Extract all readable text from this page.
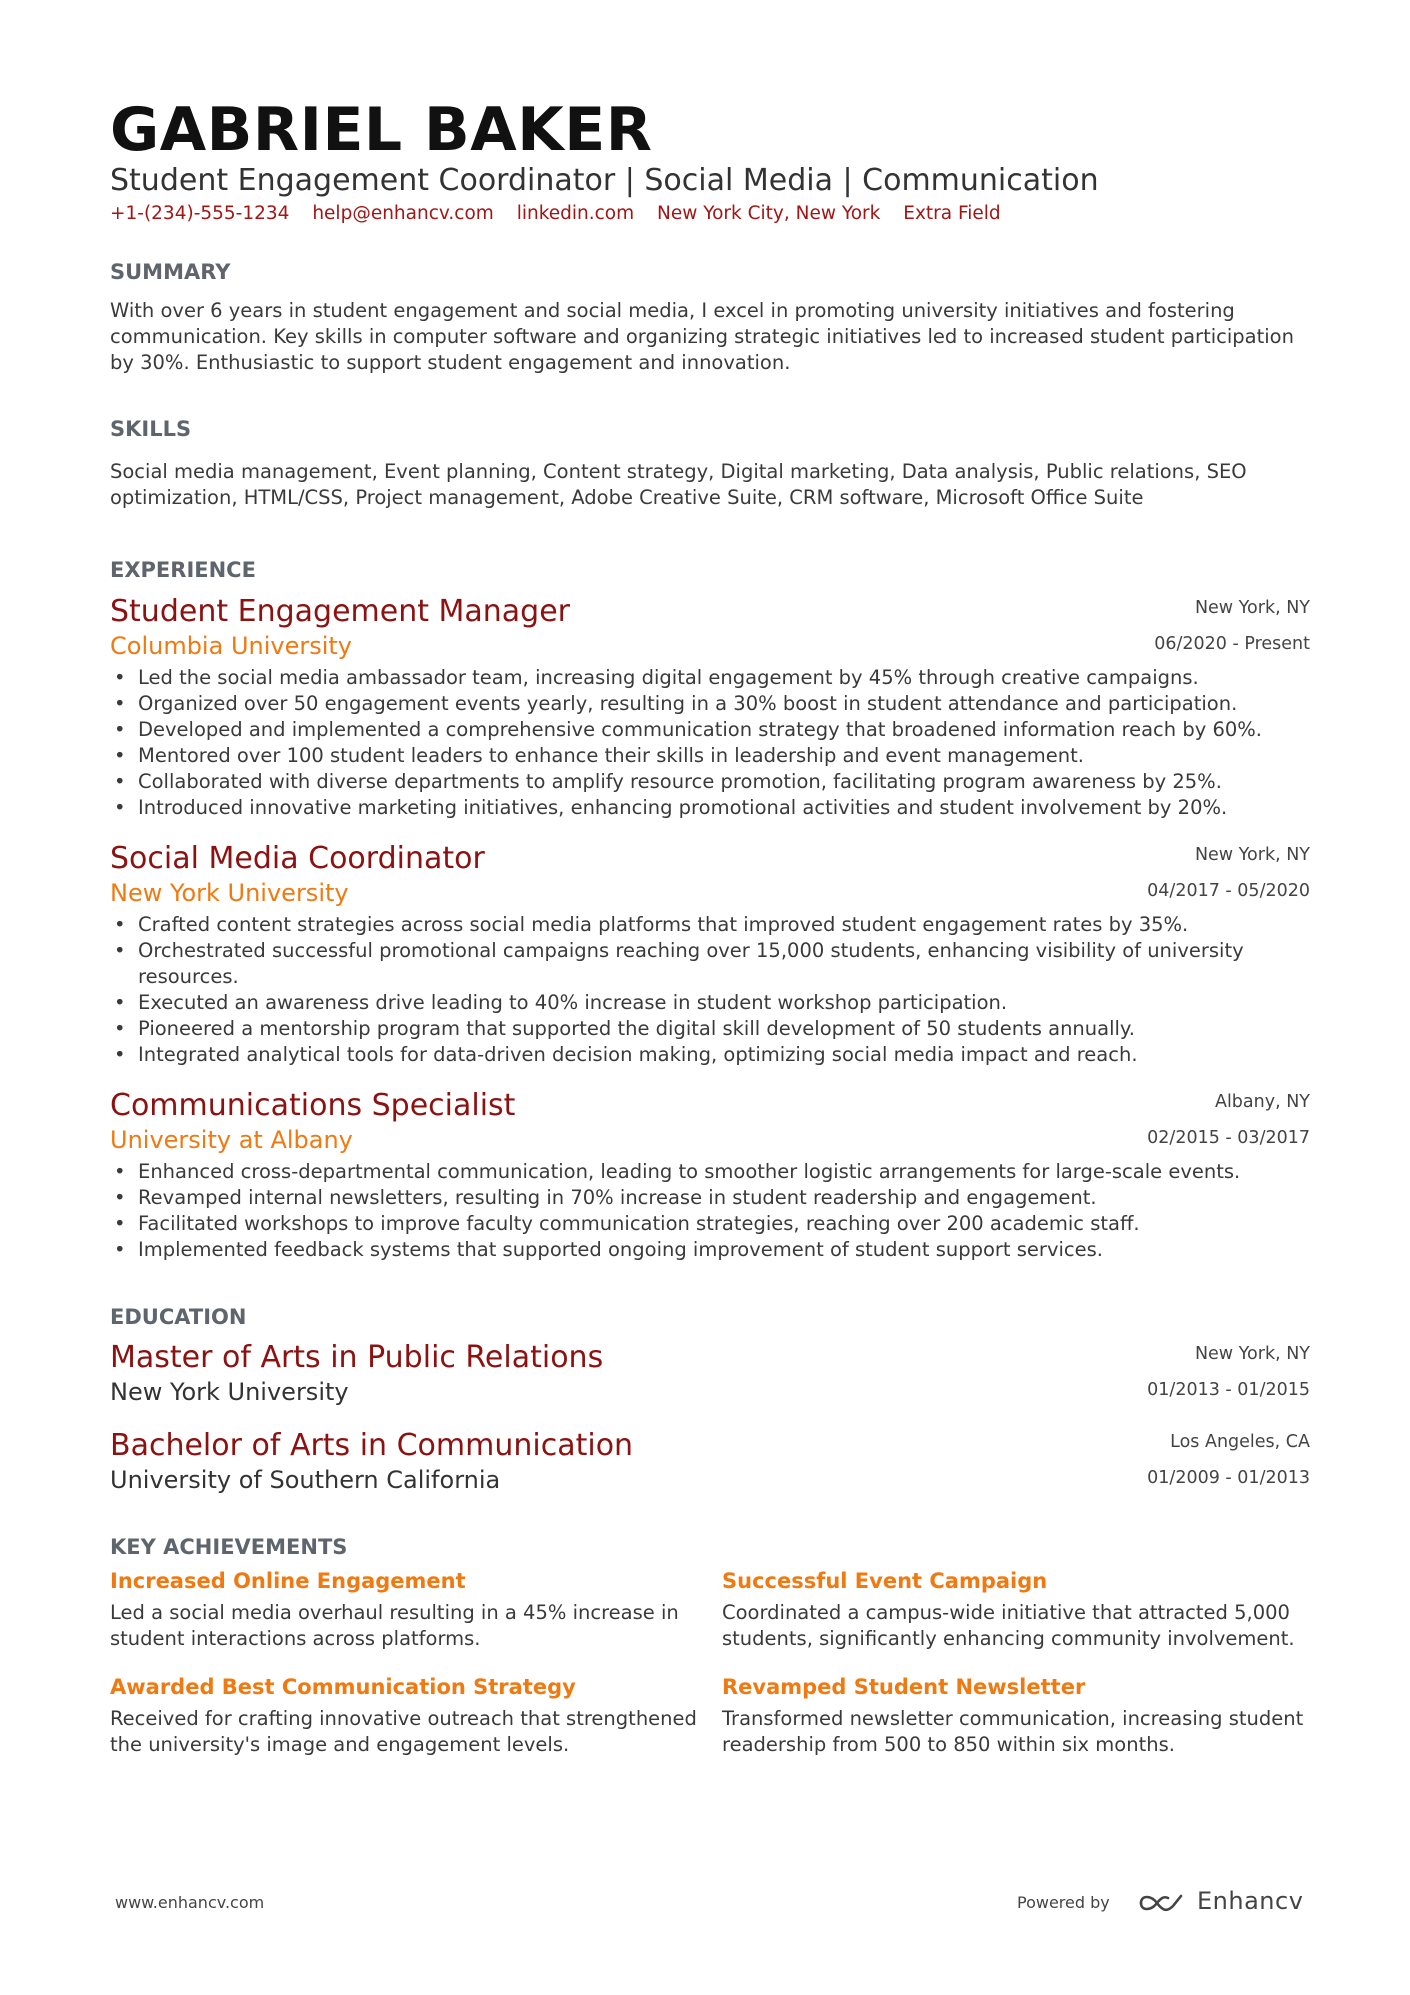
GABRIEL BAKER
Student Engagement Coordinator | Social Media | Communication
+1-(234)-555-1234 help@enhancv.com linkedin.com New York City, New York Extra Field
SUMMARY
With over 6 years in student engagement and social media, I excel in promoting university initiatives and fostering communication. Key skills in computer software and organizing strategic initiatives led to increased student participation by 30%. Enthusiastic to support student engagement and innovation.
SKILLS
Social media management, Event planning, Content strategy, Digital marketing, Data analysis, Public relations, SEO optimization, HTML/CSS, Project management, Adobe Creative Suite, CRM software, Microsoft Office Suite
EXPERIENCE
Student Engagement Manager
Columbia University
New York, NY
06/2020 - Present
• Led the social media ambassador team, increasing digital engagement by 45% through creative campaigns.
• Organized over 50 engagement events yearly, resulting in a 30% boost in student attendance and participation.
• Developed and implemented a comprehensive communication strategy that broadened information reach by 60%.
• Mentored over 100 student leaders to enhance their skills in leadership and event management.
• Collaborated with diverse departments to amplify resource promotion, facilitating program awareness by 25%.
• Introduced innovative marketing initiatives, enhancing promotional activities and student involvement by 20%.
Social Media Coordinator
New York University
New York, NY
04/2017 - 05/2020
• Crafted content strategies across social media platforms that improved student engagement rates by 35%.
• Orchestrated successful promotional campaigns reaching over 15,000 students, enhancing visibility of university resources.
• Executed an awareness drive leading to 40% increase in student workshop participation.
• Pioneered a mentorship program that supported the digital skill development of 50 students annually.
• Integrated analytical tools for data-driven decision making, optimizing social media impact and reach.
Communications Specialist
University at Albany
Albany, NY
02/2015 - 03/2017
• Enhanced cross-departmental communication, leading to smoother logistic arrangements for large-scale events.
• Revamped internal newsletters, resulting in 70% increase in student readership and engagement.
• Facilitated workshops to improve faculty communication strategies, reaching over 200 academic staff.
• Implemented feedback systems that supported ongoing improvement of student support services.
EDUCATION
Master of Arts in Public Relations
New York University
New York, NY
01/2013 - 01/2015
Bachelor of Arts in Communication
University of Southern California
Los Angeles, CA
01/2009 - 01/2013
KEY ACHIEVEMENTS
Increased Online Engagement
Led a social media overhaul resulting in a 45% increase in student interactions across platforms.
Successful Event Campaign
Coordinated a campus-wide initiative that attracted 5,000 students, significantly enhancing community involvement.
Awarded Best Communication Strategy
Received for crafting innovative outreach that strengthened the university's image and engagement levels.
Revamped Student Newsletter
Transformed newsletter communication, increasing student readership from 500 to 850 within six months.
www.enhancv.com	Powered by	Enhancv
